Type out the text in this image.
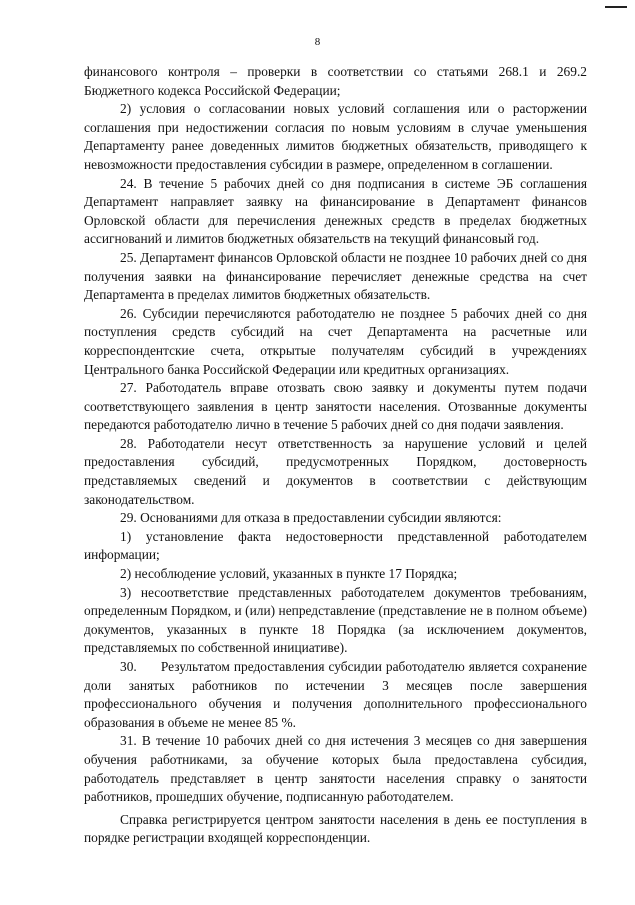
8

финансового контроля – проверки в соответствии со статьями 268.1 и 269.2 Бюджетного кодекса Российской Федерации;

2) условия о согласовании новых условий соглашения или о расторжении соглашения при недостижении согласия по новым условиям в случае уменьшения Департаменту ранее доведенных лимитов бюджетных обязательств, приводящего к невозможности предоставления субсидии в размере, определенном в соглашении.

24. В течение 5 рабочих дней со дня подписания в системе ЭБ соглашения Департамент направляет заявку на финансирование в Департамент финансов Орловской области для перечисления денежных средств в пределах бюджетных ассигнований и лимитов бюджетных обязательств на текущий финансовый год.

25. Департамент финансов Орловской области не позднее 10 рабочих дней со дня получения заявки на финансирование перечисляет денежные средства на счет Департамента в пределах лимитов бюджетных обязательств.

26. Субсидии перечисляются работодателю не позднее 5 рабочих дней со дня поступления средств субсидий на счет Департамента на расчетные или корреспондентские счета, открытые получателям субсидий в учреждениях Центрального банка Российской Федерации или кредитных организациях.

27. Работодатель вправе отозвать свою заявку и документы путем подачи соответствующего заявления в центр занятости населения. Отозванные документы передаются работодателю лично в течение 5 рабочих дней со дня подачи заявления.

28. Работодатели несут ответственность за нарушение условий и целей предоставления субсидий, предусмотренных Порядком, достоверность представляемых сведений и документов в соответствии с действующим законодательством.

29. Основаниями для отказа в предоставлении субсидии являются:

1) установление факта недостоверности представленной работодателем информации;

2) несоблюдение условий, указанных в пункте 17 Порядка;

3) несоответствие представленных работодателем документов требованиям, определенным Порядком, и (или) непредставление (представление не в полном объеме) документов, указанных в пункте 18 Порядка (за исключением документов, представляемых по собственной инициативе).

30.      Результатом предоставления субсидии работодателю является сохранение доли занятых работников по истечении 3 месяцев после завершения профессионального обучения и получения дополнительного профессионального образования в объеме не менее 85 %.

31. В течение 10 рабочих дней со дня истечения 3 месяцев со дня завершения обучения работниками, за обучение которых была предоставлена субсидия, работодатель представляет в центр занятости населения справку о занятости работников, прошедших обучение, подписанную работодателем.

Справка регистрируется центром занятости населения в день ее поступления в порядке регистрации входящей корреспонденции.
